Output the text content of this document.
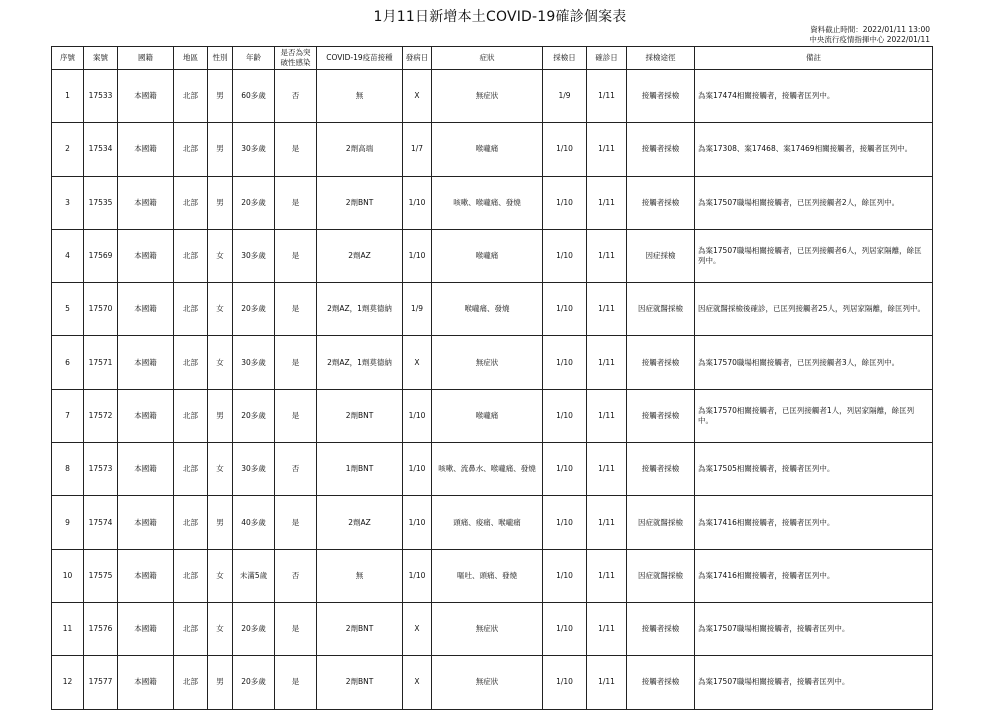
1月11日新增本土COVID-19確診個案表
資料截止時間：2022/01/11 13:00
中央流行疫情指揮中心 2022/01/11
序號	案號	國籍	地區	性別	年齡	是否為突破性感染	COVID-19疫苗接種	發病日	症狀	採檢日	確診日	採檢途徑	備註
1	17533	本國籍	北部	男	60多歲	否	無	X	無症狀	1/9	1/11	接觸者採檢	為案17474相關接觸者，接觸者匡列中。
2	17534	本國籍	北部	男	30多歲	是	2劑高端	1/7	喉嚨痛	1/10	1/11	接觸者採檢	為案17308、案17468、案17469相關接觸者，接觸者匡列中。
3	17535	本國籍	北部	男	20多歲	是	2劑BNT	1/10	咳嗽、喉嚨痛、發燒	1/10	1/11	接觸者採檢	為案17507職場相關接觸者，已匡列接觸者2人，餘匡列中。
4	17569	本國籍	北部	女	30多歲	是	2劑AZ	1/10	喉嚨痛	1/10	1/11	因症採檢	為案17507職場相關接觸者，已匡列接觸者6人，列居家隔離，餘匡列中。
5	17570	本國籍	北部	女	20多歲	是	2劑AZ，1劑莫德納	1/9	喉嚨痛、發燒	1/10	1/11	因症就醫採檢	因症就醫採檢後確診，已匡列接觸者25人，列居家隔離，餘匡列中。
6	17571	本國籍	北部	女	30多歲	是	2劑AZ，1劑莫德納	X	無症狀	1/10	1/11	接觸者採檢	為案17570職場相關接觸者，已匡列接觸者3人，餘匡列中。
7	17572	本國籍	北部	男	20多歲	是	2劑BNT	1/10	喉嚨痛	1/10	1/11	接觸者採檢	為案17570相關接觸者，已匡列接觸者1人，列居家隔離，餘匡列中。
8	17573	本國籍	北部	女	30多歲	否	1劑BNT	1/10	咳嗽、流鼻水、喉嚨痛、發燒	1/10	1/11	接觸者採檢	為案17505相關接觸者，接觸者匡列中。
9	17574	本國籍	北部	男	40多歲	是	2劑AZ	1/10	頭痛、痠痛、喉嚨痛	1/10	1/11	因症就醫採檢	為案17416相關接觸者，接觸者匡列中。
10	17575	本國籍	北部	女	未滿5歲	否	無	1/10	嘔吐、頭痛、發燒	1/10	1/11	因症就醫採檢	為案17416相關接觸者，接觸者匡列中。
11	17576	本國籍	北部	女	20多歲	是	2劑BNT	X	無症狀	1/10	1/11	接觸者採檢	為案17507職場相關接觸者，接觸者匡列中。
12	17577	本國籍	北部	男	20多歲	是	2劑BNT	X	無症狀	1/10	1/11	接觸者採檢	為案17507職場相關接觸者，接觸者匡列中。
